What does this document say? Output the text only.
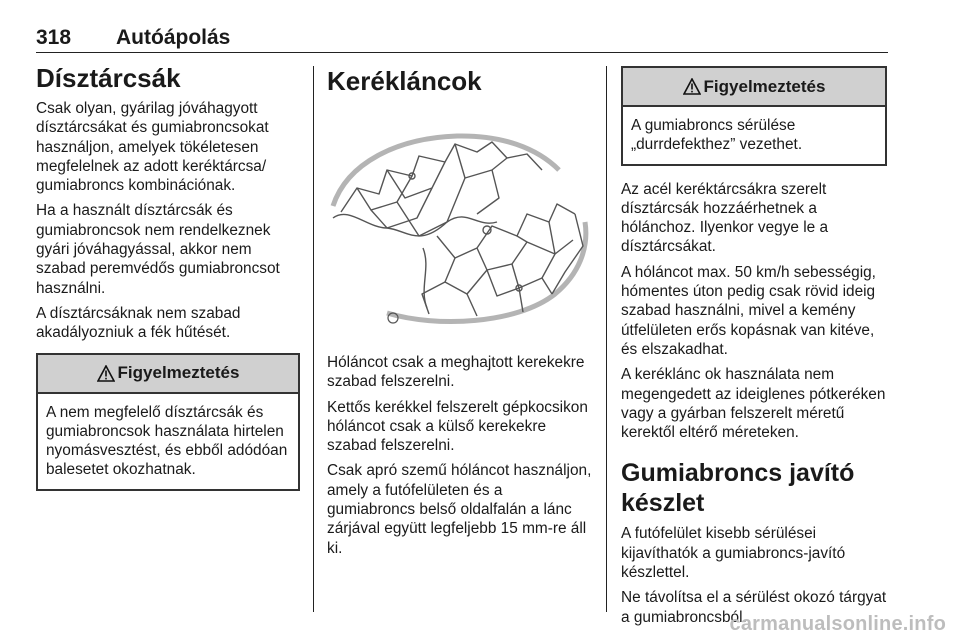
318 Autóápolás
Dísztárcsák

Csak olyan, gyárilag jóváhagyott dísztárcsákat és gumiabroncsokat használjon, amelyek tökéletesen megfelelnek az adott keréktárcsa/ gumiabroncs kombinációnak.

Ha a használt dísztárcsák és gumiabroncsok nem rendelkeznek gyári jóváhagyással, akkor nem szabad peremvédős gumiabroncsot használni.

A dísztárcsáknak nem szabad akadályozniuk a fék hűtését.

Figyelmeztetés

A nem megfelelő dísztárcsák és gumiabroncsok használata hirtelen nyomásvesztést, és ebből adódóan balesetet okozhatnak.

Kerékláncok

Hóláncot csak a meghajtott kerekekre szabad felszerelni.

Kettős kerékkel felszerelt gépkocsikon hóláncot csak a külső kerekekre szabad felszerelni.

Csak apró szemű hóláncot használjon, amely a futófelületen és a gumiabroncs belső oldalfalán a lánc zárjával együtt legfeljebb 15 mm-re áll ki.

Figyelmeztetés

A gumiabroncs sérülése „durrdefekthez” vezethet.

Az acél keréktárcsákra szerelt dísztárcsák hozzáérhetnek a hólánchoz. Ilyenkor vegye le a dísztárcsákat.

A hóláncot max. 50 km/h sebességig, hómentes úton pedig csak rövid ideig szabad használni, mivel a kemény útfelületen erős kopásnak van kitéve, és elszakadhat.

A keréklánc ok használata nem megengedett az ideiglenes pótkeréken vagy a gyárban felszerelt méretű kerektől eltérő méreteken.

Gumiabroncs javító készlet

A futófelület kisebb sérülései kijavíthatók a gumiabroncs-javító készlettel.

Ne távolítsa el a sérülést okozó tárgyat a gumiabroncsból.

carmanualsonline.info
